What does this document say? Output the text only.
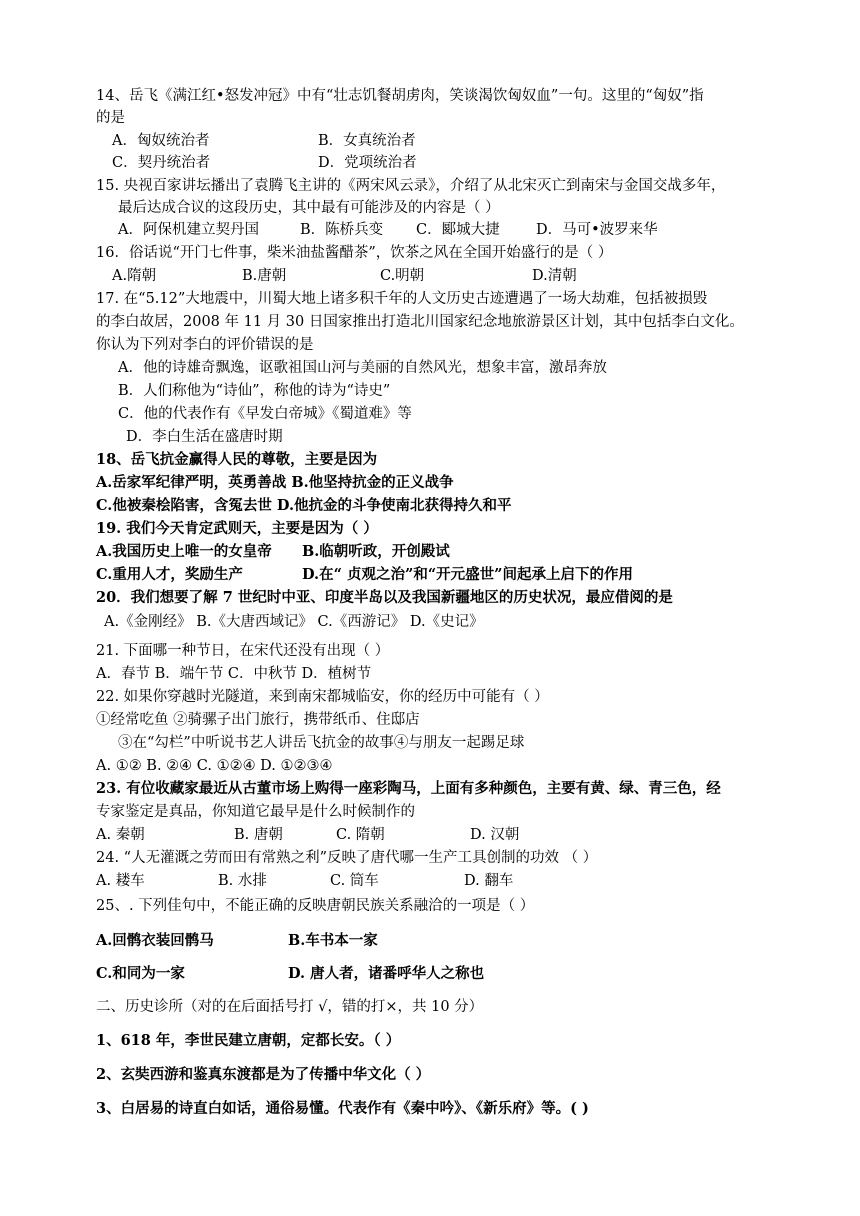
14、岳飞《满江红•怒发冲冠》中有“壮志饥餐胡虏肉，笑谈渴饮匈奴血”一句。这里的“匈奴”指
的是
A．匈奴统治者	B．女真统治者
C．契丹统治者	D．党项统治者
15. 央视百家讲坛播出了袁腾飞主讲的《两宋风云录》，介绍了从北宋灭亡到南宋与金国交战多年，
最后达成合议的这段历史，其中最有可能涉及的内容是（ ）
A．阿保机建立契丹国	B．陈桥兵变 C．郾城大捷	D．马可•波罗来华
16．俗话说“开门七件事，柴米油盐酱醋茶”，饮茶之风在全国开始盛行的是（ ）
A.隋朝	B.唐朝	C.明朝	D.清朝
17. 在“5.12”大地震中，川蜀大地上诸多积千年的人文历史古迹遭遇了一场大劫难，包括被损毁
的李白故居，2008 年 11 月 30 日国家推出打造北川国家纪念地旅游景区计划，其中包括李白文化。
你认为下列对李白的评价错误的是
A．他的诗雄奇飘逸，讴歌祖国山河与美丽的自然风光，想象丰富，激昂奔放
B．人们称他为“诗仙”，称他的诗为“诗史”
C．他的代表作有《早发白帝城》《蜀道难》等
D．李白生活在盛唐时期
18、岳飞抗金赢得人民的尊敬，主要是因为
A.岳家军纪律严明，英勇善战 B.他坚持抗金的正义战争
C.他被秦桧陷害，含冤去世 D.他抗金的斗争使南北获得持久和平
19. 我们今天肯定武则天，主要是因为（ ）
A.我国历史上唯一的女皇帝 B.临朝听政，开创殿试
C.重用人才，奖励生产	D.在“ 贞观之治”和“开元盛世”间起承上启下的作用
20．我们想要了解 7 世纪时中亚、印度半岛以及我国新疆地区的历史状况，最应借阅的是
A.《金刚经》 B.《大唐西域记》 C.《西游记》 D.《史记》
21. 下面哪一种节日，在宋代还没有出现（ ）
A．春节 B．端午节 C．中秋节 D．植树节
22. 如果你穿越时光隧道，来到南宋都城临安，你的经历中可能有（ ）
①经常吃鱼 ②骑骡子出门旅行，携带纸币、住邸店
③在“勾栏”中听说书艺人讲岳飞抗金的故事④与朋友一起踢足球
A. ①② B. ②④ C. ①②④ D. ①②③④
23. 有位收藏家最近从古董市场上购得一座彩陶马，上面有多种颜色，主要有黄、绿、青三色，经
专家鉴定是真品，你知道它最早是什么时候制作的
A. 秦朝	B. 唐朝	C. 隋朝	D. 汉朝
24. “人无灌溉之劳而田有常熟之利”反映了唐代哪一生产工具创制的功效 （ ）
A. 耧车	B. 水排	C. 筒车	D. 翻车
25、. 下列佳句中，不能正确的反映唐朝民族关系融洽的一项是（ ）
A.回鹘衣装回鹘马	B.车书本一家
C.和同为一家	D. 唐人者，诸番呼华人之称也
二、历史诊所（对的在后面括号打 √，错的打×，共 10 分）
1、618 年，李世民建立唐朝，定都长安。（ ）
2、玄奘西游和鉴真东渡都是为了传播中华文化（ ）
3、白居易的诗直白如话，通俗易懂。代表作有《秦中吟》、《新乐府》等。( )
